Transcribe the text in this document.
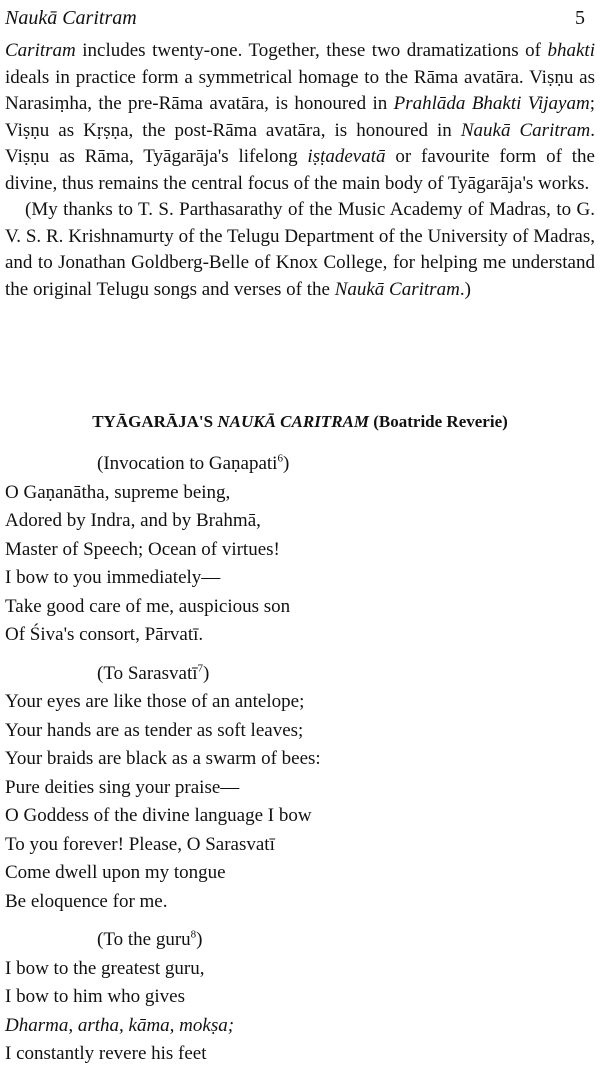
Naukā Caritram	5

Caritram includes twenty-one. Together, these two dramatizations of bhakti ideals in practice form a symmetrical homage to the Rāma avatāra. Viṣṇu as Narasiṃha, the pre-Rāma avatāra, is honoured in Prahlāda Bhakti Vijayam; Viṣṇu as Kṛṣṇa, the post-Rāma avatāra, is honoured in Naukā Caritram. Viṣṇu as Rāma, Tyāgarāja's lifelong iṣṭadevatā or favourite form of the divine, thus remains the central focus of the main body of Tyāgarāja's works.

(My thanks to T. S. Parthasarathy of the Music Academy of Madras, to G. V. S. R. Krishnamurty of the Telugu Department of the University of Madras, and to Jonathan Goldberg-Belle of Knox College, for helping me understand the original Telugu songs and verses of the Naukā Caritram.)

TYĀGARĀJA'S NAUKĀ CARITRAM (Boatride Reverie)
(Invocation to Gaṇapati$^6$)
O Gaṇanātha, supreme being,
Adored by Indra, and by Brahmā,
Master of Speech; Ocean of virtues!
I bow to you immediately—
Take good care of me, auspicious son
Of Śiva's consort, Pārvatī.
(To Sarasvatī$^7$)
Your eyes are like those of an antelope;
Your hands are as tender as soft leaves;
Your braids are black as a swarm of bees:
Pure deities sing your praise—
O Goddess of the divine language I bow
To you forever! Please, O Sarasvatī
Come dwell upon my tongue
Be eloquence for me.
(To the guru$^8$)
I bow to the greatest guru,
I bow to him who gives
Dharma, artha, kāma, mokṣa;
I constantly revere his feet
